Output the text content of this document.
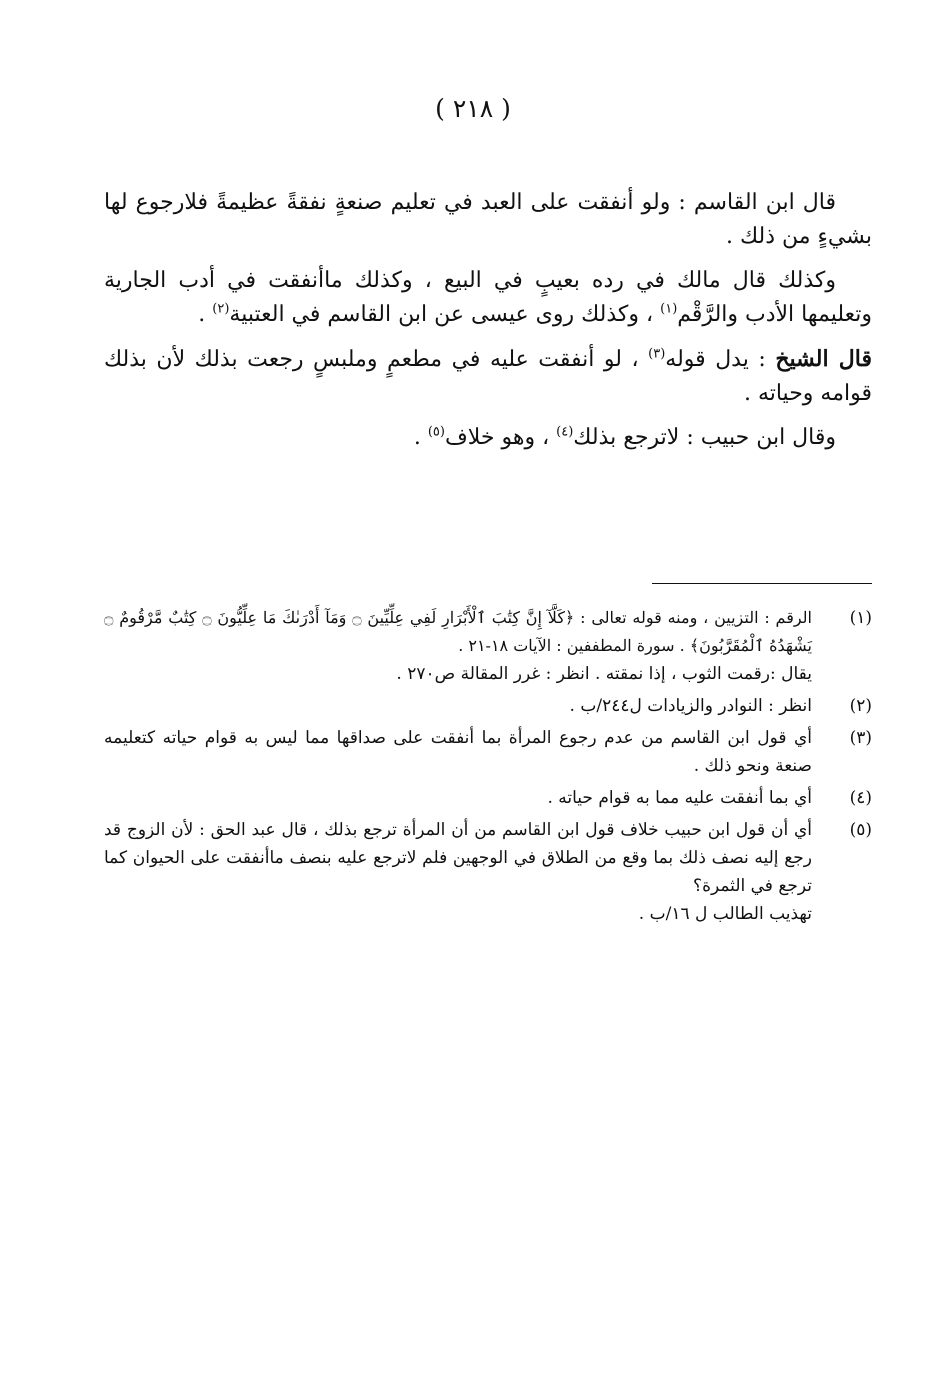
( ٢١٨ )

قال ابن القاسم : ولو أنفقت على العبد في تعليم صنعةٍ نفقةً عظيمةً فلارجوع لها بشيءٍ من ذلك .

وكذلك قال مالك في رده بعيبٍ في البيع ، وكذلك ماأنفقت في أدب الجارية وتعليمها الأدب والرَّقْم$^{(١)}$ ، وكذلك روى عيسى عن ابن القاسم في العتبية$^{(٢)}$ .

قال الشيخ : يدل قوله$^{(٣)}$ ، لو أنفقت عليه في مطعمٍ وملبسٍ رجعت بذلك لأن بذلك قوامه وحياته .

وقال ابن حبيب : لاترجع بذلك$^{(٤)}$ ، وهو خلاف$^{(٥)}$ .

(١)
الرقم : التزيين ، ومنه قوله تعالى : ﴿كَلَّآ إِنَّ كِتَٰبَ ٱلْأَبْرَارِ لَفِي عِلِّيِّينَ ۝ وَمَآ أَدْرَىٰكَ مَا عِلِّيُّونَ ۝ كِتَٰبٌ مَّرْقُومٌ ۝ يَشْهَدُهُ ٱلْمُقَرَّبُونَ﴾ . سورة المطففين : الآيات ١٨-٢١ .
يقال :رقمت الثوب ، إذا نمقته . انظر : غرر المقالة ص٢٧٠ .
(٢)
انظر : النوادر والزيادات ل٢٤٤/ب .
(٣)
أي قول ابن القاسم من عدم رجوع المرأة بما أنفقت على صداقها مما ليس به قوام حياته كتعليمه صنعة ونحو ذلك .
(٤)
أي بما أنفقت عليه مما به قوام حياته .
(٥)
أي أن قول ابن حبيب خلاف قول ابن القاسم من أن المرأة ترجع بذلك ، قال عبد الحق : لأن الزوج قد رجع إليه نصف ذلك بما وقع من الطلاق في الوجهين فلم لاترجع عليه بنصف ماأنفقت على الحيوان كما ترجع في الثمرة؟
تهذيب الطالب ل ١٦/ب .
